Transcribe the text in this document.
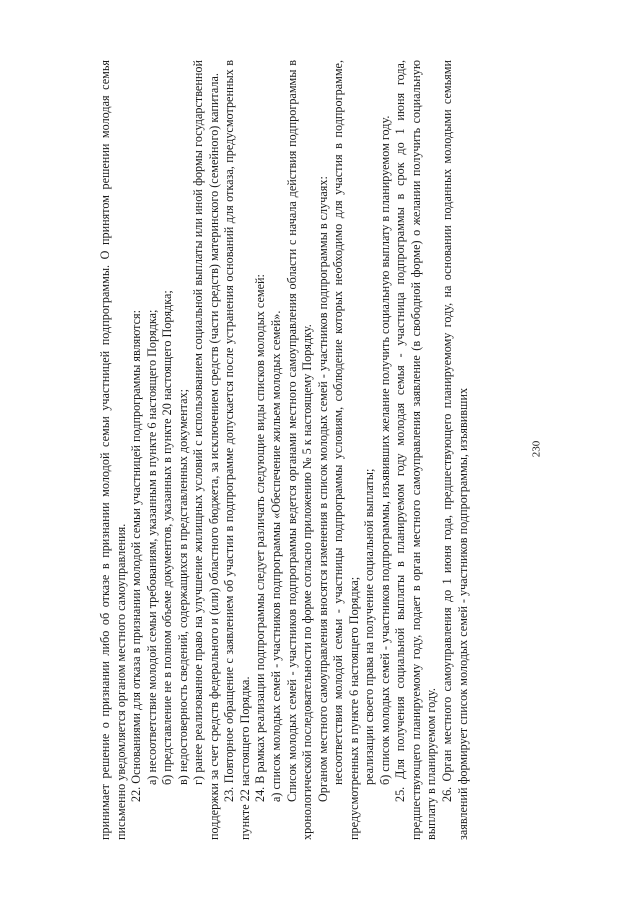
230

принимает решение о признании либо об отказе в признании молодой семьи участницей подпрограммы. О принятом решении молодая семья письменно уведомляется органом местного самоуправления. 22. Основаниями для отказа в признании молодой семьи участницей подпрограммы являются: а) несоответствие молодой семьи требованиям, указанным в пункте 6 настоящего Порядка; б) представление не в полном объеме документов, указанных в пункте 20 настоящего Порядка; в) недостоверность сведений, содержащихся в представленных документах; г) ранее реализованное право на улучшение жилищных условий с использованием социальной выплаты или иной формы государственной поддержки за счет средств федерального и (или) областного бюджета, за исключением средств (части средств) материнского (семейного) капитала. 23. Повторное обращение с заявлением об участии в подпрограмме допускается после устранения оснований для отказа, предусмотренных в пункте 22 настоящего Порядка. 24. В рамках реализации подпрограммы следует различать следующие виды списков молодых семей: а) список молодых семей - участников подпрограммы «Обеспечение жильем молодых семей». Список молодых семей - участников подпрограммы ведется органами местного самоуправления области с начала действия подпрограммы в хронологической последовательности по форме согласно приложению № 5 к настоящему Порядку. Органом местного самоуправления вносятся изменения в список молодых семей - участников подпрограммы в случаях: несоответствия молодой семьи - участницы подпрограммы условиям, соблюдение которых необходимо для участия в подпрограмме, предусмотренных в пункте 6 настоящего Порядка; реализации своего права на получение социальной выплаты; б) список молодых семей - участников подпрограммы, изъявивших желание получить социальную выплату в планируемом году. 25. Для получения социальной выплаты в планируемом году молодая семья - участница подпрограммы в срок до 1 июня года, предшествующего планируемому году, подает в орган местного самоуправления заявление (в свободной форме) о желании получить социальную выплату в планируемом году. 26. Орган местного самоуправления до 1 июня года, предшествующего планируемому году, на основании поданных молодыми семьями заявлений формирует список молодых семей - участников подпрограммы, изъявивших
